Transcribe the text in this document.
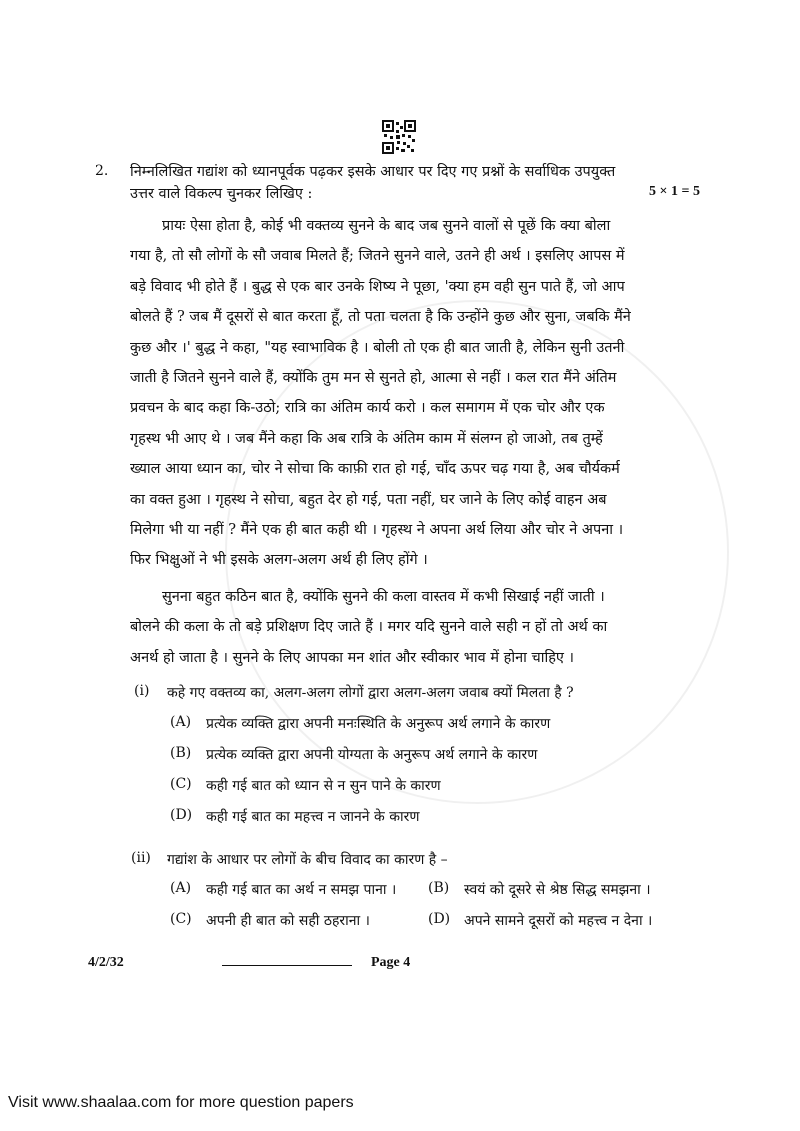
2. निम्नलिखित गद्यांश को ध्यानपूर्वक पढ़कर इसके आधार पर दिए गए प्रश्नों के सर्वाधिक उपयुक्त
उत्तर वाले विकल्प चुनकर लिखिए :	5 × 1 = 5
प्रायः ऐसा होता है, कोई भी वक्तव्य सुनने के बाद जब सुनने वालों से पूछें कि क्या बोला
गया है, तो सौ लोगों के सौ जवाब मिलते हैं; जितने सुनने वाले, उतने ही अर्थ । इसलिए आपस में
बड़े विवाद भी होते हैं । बुद्ध से एक बार उनके शिष्य ने पूछा, 'क्या हम वही सुन पाते हैं, जो आप
बोलते हैं ? जब मैं दूसरों से बात करता हूँ, तो पता चलता है कि उन्होंने कुछ और सुना, जबकि मैंने
कुछ और ।' बुद्ध ने कहा, "यह स्वाभाविक है । बोली तो एक ही बात जाती है, लेकिन सुनी उतनी
जाती है जितने सुनने वाले हैं, क्योंकि तुम मन से सुनते हो, आत्मा से नहीं । कल रात मैंने अंतिम
प्रवचन के बाद कहा कि-उठो; रात्रि का अंतिम कार्य करो । कल समागम में एक चोर और एक
गृहस्थ भी आए थे । जब मैंने कहा कि अब रात्रि के अंतिम काम में संलग्न हो जाओ, तब तुम्हें
ख्याल आया ध्यान का, चोर ने सोचा कि काफ़ी रात हो गई, चाँद ऊपर चढ़ गया है, अब चौर्यकर्म
का वक्त हुआ । गृहस्थ ने सोचा, बहुत देर हो गई, पता नहीं, घर जाने के लिए कोई वाहन अब
मिलेगा भी या नहीं ? मैंने एक ही बात कही थी । गृहस्थ ने अपना अर्थ लिया और चोर ने अपना ।
फिर भिक्षुओं ने भी इसके अलग-अलग अर्थ ही लिए होंगे ।
सुनना बहुत कठिन बात है, क्योंकि सुनने की कला वास्तव में कभी सिखाई नहीं जाती ।
बोलने की कला के तो बड़े प्रशिक्षण दिए जाते हैं । मगर यदि सुनने वाले सही न हों तो अर्थ का
अनर्थ हो जाता है । सुनने के लिए आपका मन शांत और स्वीकार भाव में होना चाहिए ।
(i) कहे गए वक्तव्य का, अलग-अलग लोगों द्वारा अलग-अलग जवाब क्यों मिलता है ?
(A) प्रत्येक व्यक्ति द्वारा अपनी मनःस्थिति के अनुरूप अर्थ लगाने के कारण
(B) प्रत्येक व्यक्ति द्वारा अपनी योग्यता के अनुरूप अर्थ लगाने के कारण
(C) कही गई बात को ध्यान से न सुन पाने के कारण
(D) कही गई बात का महत्त्व न जानने के कारण
(ii) गद्यांश के आधार पर लोगों के बीच विवाद का कारण है –
(A) कही गई बात का अर्थ न समझ पाना । (B) स्वयं को दूसरे से श्रेष्ठ सिद्ध समझना ।
(C) अपनी ही बात को सही ठहराना ।	(D) अपने सामने दूसरों को महत्त्व न देना ।
4/2/32	Page 4
Visit www.shaalaa.com for more question papers
